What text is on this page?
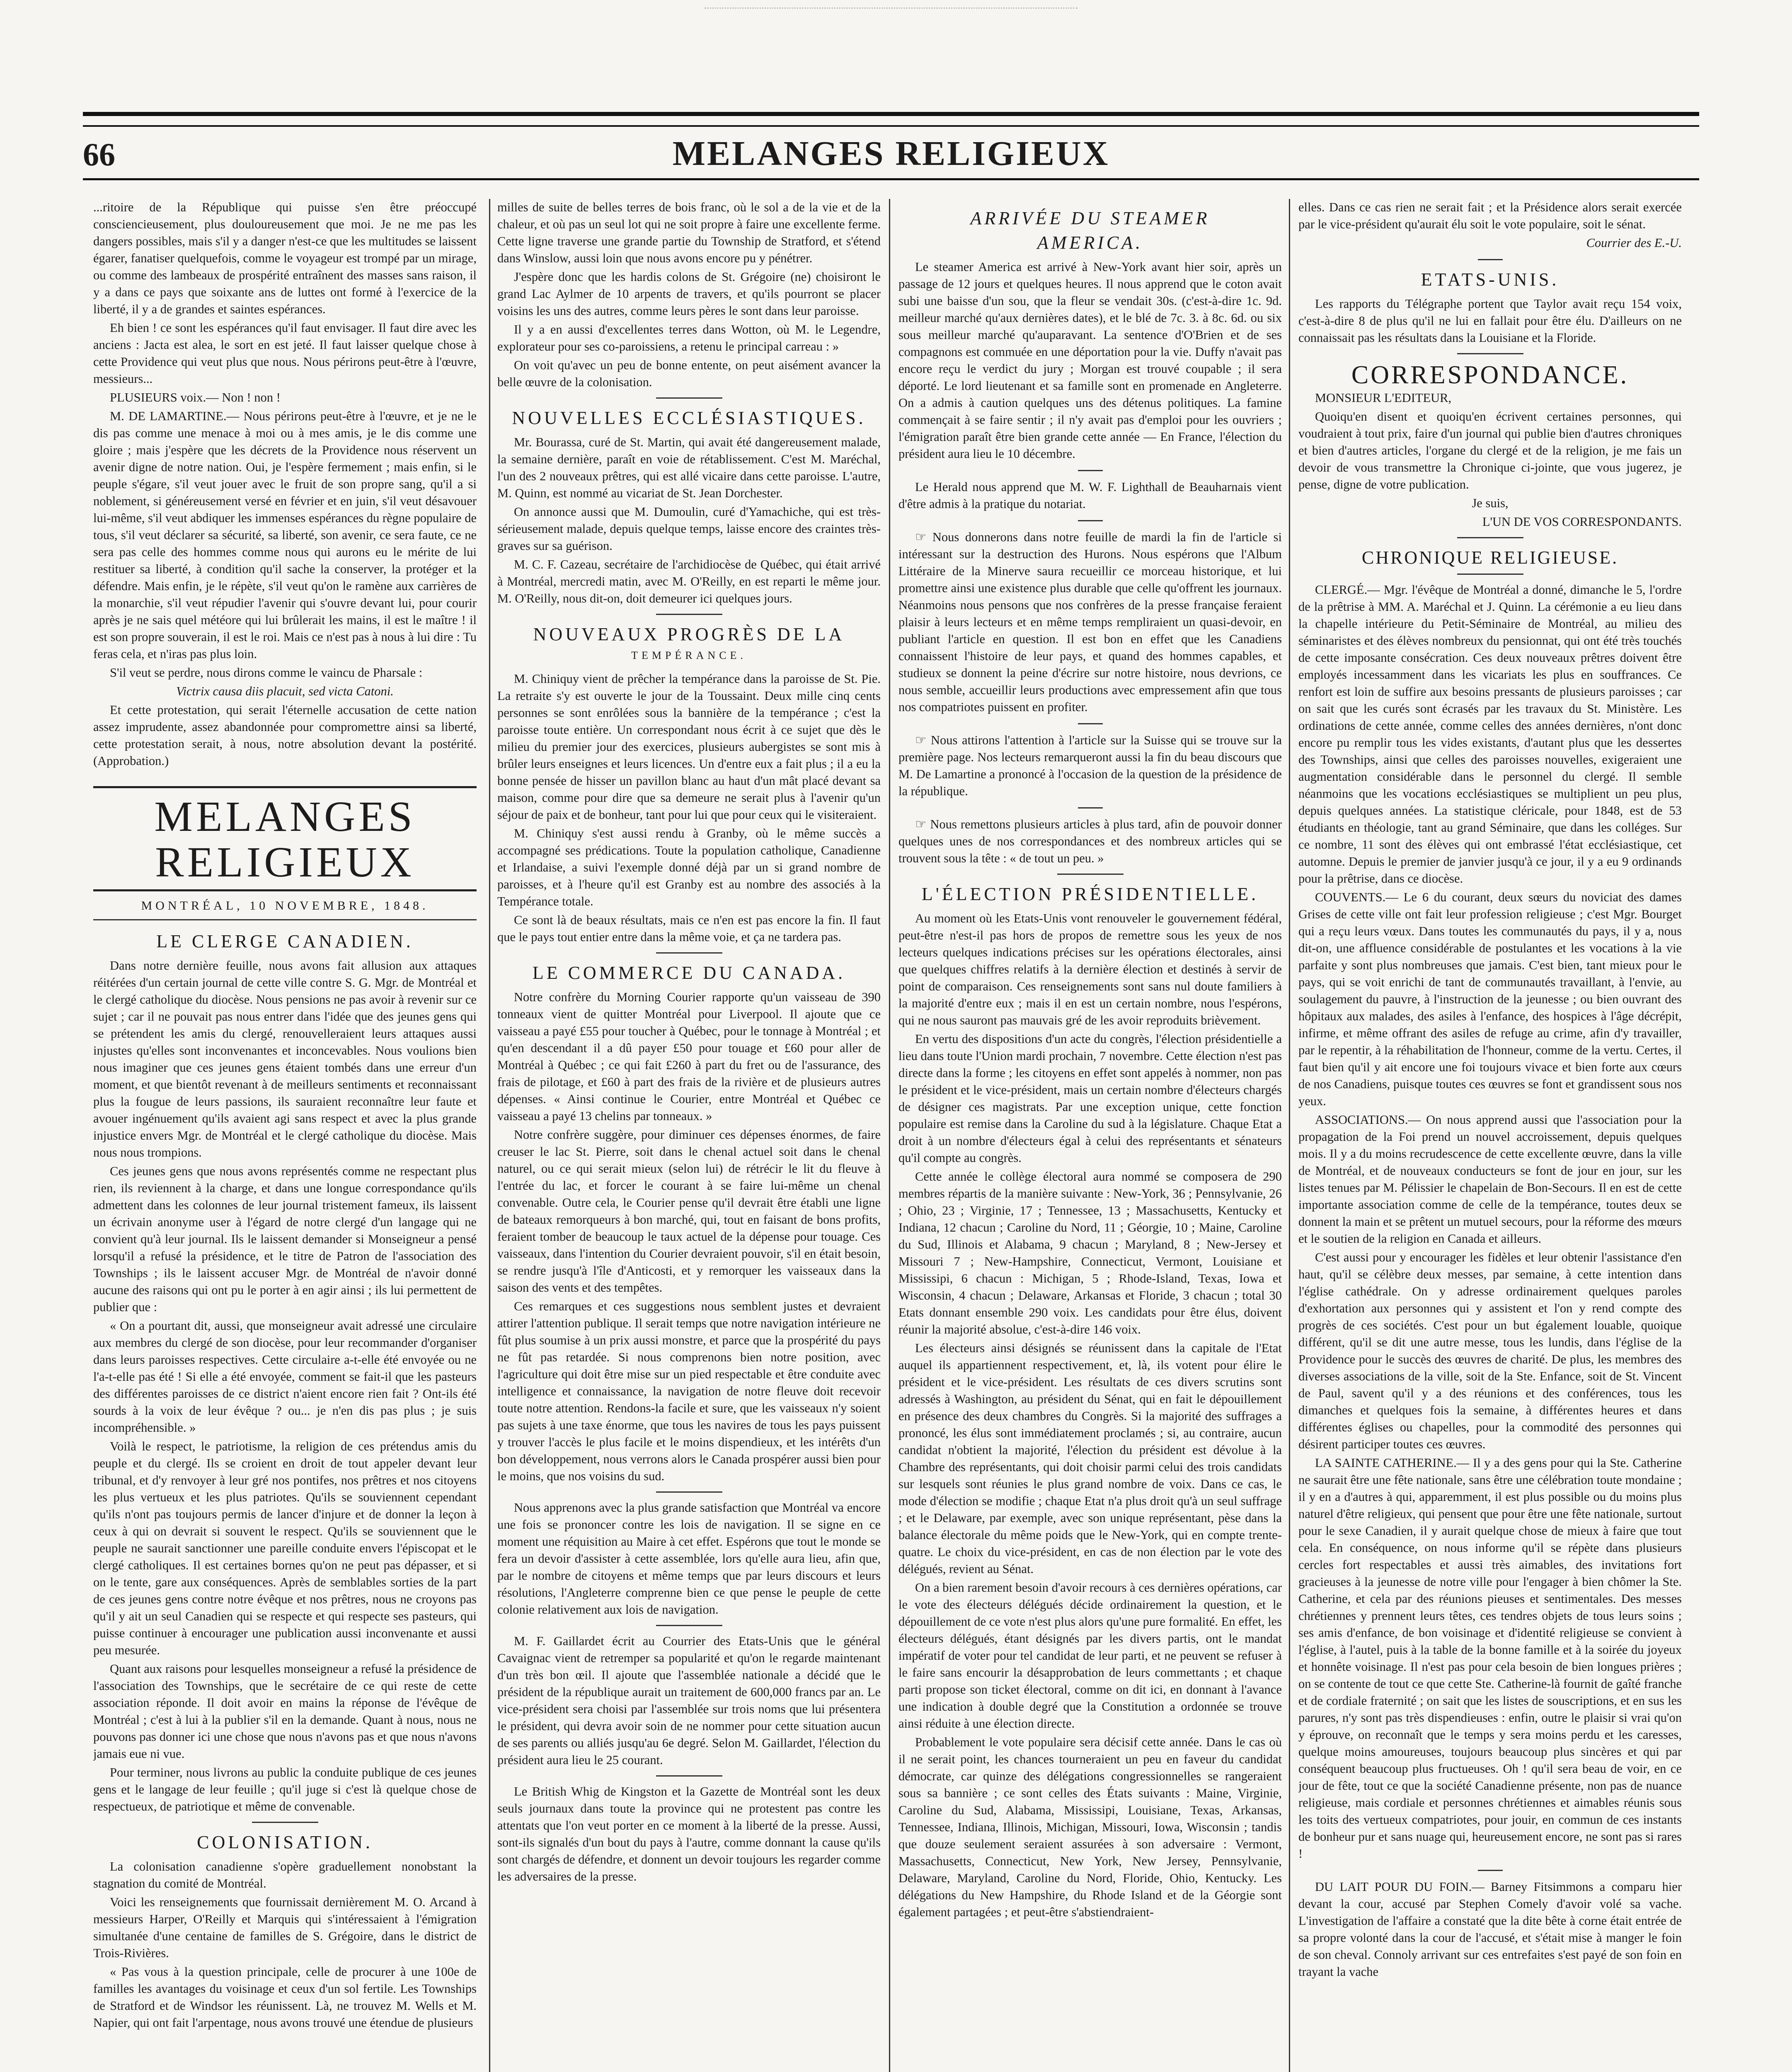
66	MELANGES RELIGIEUX

...ritoire de la République qui puisse s'en être préoccupé consciencieusement, plus douloureusement que moi. Je ne me pas les dangers possibles, mais s'il y a danger n'est-ce que les multitudes se laissent égarer, fanatiser quelquefois, comme le voyageur est trompé par un mirage, ou comme des lambeaux de prospérité entraînent des masses sans raison, il y a dans ce pays que soixante ans de luttes ont formé à l'exercice de la liberté, il y a de grandes et saintes espérances.

Eh bien ! ce sont les espérances qu'il faut envisager. Il faut dire avec les anciens : Jacta est alea, le sort en est jeté. Il faut laisser quelque chose à cette Providence qui veut plus que nous. Nous périrons peut-être à l'œuvre, messieurs...

PLUSIEURS voix.— Non ! non !

M. DE LAMARTINE.— Nous périrons peut-être à l'œuvre, et je ne le dis pas comme une menace à moi ou à mes amis, je le dis comme une gloire ; mais j'espère que les décrets de la Providence nous réservent un avenir digne de notre nation. Oui, je l'espère fermement ; mais enfin, si le peuple s'égare, s'il veut jouer avec le fruit de son propre sang, qu'il a si noblement, si généreusement versé en février et en juin, s'il veut désavouer lui-même, s'il veut abdiquer les immenses espérances du règne populaire de tous, s'il veut déclarer sa sécurité, sa liberté, son avenir, ce sera faute, ce ne sera pas celle des hommes comme nous qui aurons eu le mérite de lui restituer sa liberté, à condition qu'il sache la conserver, la protéger et la défendre. Mais enfin, je le répète, s'il veut qu'on le ramène aux carrières de la monarchie, s'il veut répudier l'avenir qui s'ouvre devant lui, pour courir après je ne sais quel météore qui lui brûlerait les mains, il est le maître ! il est son propre souverain, il est le roi. Mais ce n'est pas à nous à lui dire : Tu feras cela, et n'iras pas plus loin.

S'il veut se perdre, nous dirons comme le vaincu de Pharsale :

Victrix causa diis placuit, sed victa Catoni.

Et cette protestation, qui serait l'éternelle accusation de cette nation assez imprudente, assez abandonnée pour compromettre ainsi sa liberté, cette protestation serait, à nous, notre absolution devant la postérité. (Approbation.)

MELANGES RELIGIEUX
MONTRÉAL, 10 NOVEMBRE, 1848.
LE CLERGE CANADIEN.

Dans notre dernière feuille, nous avons fait allusion aux attaques réitérées d'un certain journal de cette ville contre S. G. Mgr. de Montréal et le clergé catholique du diocèse. Nous pensions ne pas avoir à revenir sur ce sujet ; car il ne pouvait pas nous entrer dans l'idée que des jeunes gens qui se prétendent les amis du clergé, renouvelleraient leurs attaques aussi injustes qu'elles sont inconvenantes et inconcevables. Nous voulions bien nous imaginer que ces jeunes gens étaient tombés dans une erreur d'un moment, et que bientôt revenant à de meilleurs sentiments et reconnaissant plus la fougue de leurs passions, ils sauraient reconnaître leur faute et avouer ingénuement qu'ils avaient agi sans respect et avec la plus grande injustice envers Mgr. de Montréal et le clergé catholique du diocèse. Mais nous nous trompions.

Ces jeunes gens que nous avons représentés comme ne respectant plus rien, ils reviennent à la charge, et dans une longue correspondance qu'ils admettent dans les colonnes de leur journal tristement fameux, ils laissent un écrivain anonyme user à l'égard de notre clergé d'un langage qui ne convient qu'à leur journal. Ils le laissent demander si Monseigneur a pensé lorsqu'il a refusé la présidence, et le titre de Patron de l'association des Townships ; ils le laissent accuser Mgr. de Montréal de n'avoir donné aucune des raisons qui ont pu le porter à en agir ainsi ; ils lui permettent de publier que :

« On a pourtant dit, aussi, que monseigneur avait adressé une circulaire aux membres du clergé de son diocèse, pour leur recommander d'organiser dans leurs paroisses respectives. Cette circulaire a-t-elle été envoyée ou ne l'a-t-elle pas été ! Si elle a été envoyée, comment se fait-il que les pasteurs des différentes paroisses de ce district n'aient encore rien fait ? Ont-ils été sourds à la voix de leur évêque ? ou... je n'en dis pas plus ; je suis incompréhensible. »

Voilà le respect, le patriotisme, la religion de ces prétendus amis du peuple et du clergé. Ils se croient en droit de tout appeler devant leur tribunal, et d'y renvoyer à leur gré nos pontifes, nos prêtres et nos citoyens les plus vertueux et les plus patriotes. Qu'ils se souviennent cependant qu'ils n'ont pas toujours permis de lancer d'injure et de donner la leçon à ceux à qui on devrait si souvent le respect. Qu'ils se souviennent que le peuple ne saurait sanctionner une pareille conduite envers l'épiscopat et le clergé catholiques. Il est certaines bornes qu'on ne peut pas dépasser, et si on le tente, gare aux conséquences. Après de semblables sorties de la part de ces jeunes gens contre notre évêque et nos prêtres, nous ne croyons pas qu'il y ait un seul Canadien qui se respecte et qui respecte ses pasteurs, qui puisse continuer à encourager une publication aussi inconvenante et aussi peu mesurée.

Quant aux raisons pour lesquelles monseigneur a refusé la présidence de l'association des Townships, que le secrétaire de ce qui reste de cette association réponde. Il doit avoir en mains la réponse de l'évêque de Montréal ; c'est à lui à la publier s'il en la demande. Quant à nous, nous ne pouvons pas donner ici une chose que nous n'avons pas et que nous n'avons jamais eue ni vue.

Pour terminer, nous livrons au public la conduite publique de ces jeunes gens et le langage de leur feuille ; qu'il juge si c'est là quelque chose de respectueux, de patriotique et même de convenable.

COLONISATION.

La colonisation canadienne s'opère graduellement nonobstant la stagnation du comité de Montréal.

Voici les renseignements que fournissait dernièrement M. O. Arcand à messieurs Harper, O'Reilly et Marquis qui s'intéressaient à l'émigration simultanée d'une centaine de familles de S. Grégoire, dans le district de Trois-Rivières.

« Pas vous à la question principale, celle de procurer à une 100e de familles les avantages du voisinage et ceux d'un sol fertile. Les Townships de Stratford et de Windsor les réunissent. Là, ne trouvez M. Wells et M. Napier, qui ont fait l'arpentage, nous avons trouvé une étendue de plusieurs

milles de suite de belles terres de bois franc, où le sol a de la vie et de la chaleur, et où pas un seul lot qui ne soit propre à faire une excellente ferme. Cette ligne traverse une grande partie du Township de Stratford, et s'étend dans Winslow, aussi loin que nous avons encore pu y pénétrer.

J'espère donc que les hardis colons de St. Grégoire (ne) choisiront le grand Lac Aylmer de 10 arpents de travers, et qu'ils pourront se placer voisins les uns des autres, comme leurs pères le sont dans leur paroisse.

Il y a en aussi d'excellentes terres dans Wotton, où M. le Legendre, explorateur pour ses co-paroissiens, a retenu le principal carreau : »

On voit qu'avec un peu de bonne entente, on peut aisément avancer la belle œuvre de la colonisation.

NOUVELLES ECCLÉSIASTIQUES.

Mr. Bourassa, curé de St. Martin, qui avait été dangereusement malade, la semaine dernière, paraît en voie de rétablissement. C'est M. Maréchal, l'un des 2 nouveaux prêtres, qui est allé vicaire dans cette paroisse. L'autre, M. Quinn, est nommé au vicariat de St. Jean Dorchester.

On annonce aussi que M. Dumoulin, curé d'Yamachiche, qui est très-sérieusement malade, depuis quelque temps, laisse encore des craintes très-graves sur sa guérison.

M. C. F. Cazeau, secrétaire de l'archidiocèse de Québec, qui était arrivé à Montréal, mercredi matin, avec M. O'Reilly, en est reparti le même jour. M. O'Reilly, nous dit-on, doit demeurer ici quelques jours.

NOUVEAUX PROGRÈS DE LA
TEMPÉRANCE.

M. Chiniquy vient de prêcher la tempérance dans la paroisse de St. Pie. La retraite s'y est ouverte le jour de la Toussaint. Deux mille cinq cents personnes se sont enrôlées sous la bannière de la tempérance ; c'est la paroisse toute entière. Un correspondant nous écrit à ce sujet que dès le milieu du premier jour des exercices, plusieurs aubergistes se sont mis à brûler leurs enseignes et leurs licences. Un d'entre eux a fait plus ; il a eu la bonne pensée de hisser un pavillon blanc au haut d'un mât placé devant sa maison, comme pour dire que sa demeure ne serait plus à l'avenir qu'un séjour de paix et de bonheur, tant pour lui que pour ceux qui le visiteraient.

M. Chiniquy s'est aussi rendu à Granby, où le même succès a accompagné ses prédications. Toute la population catholique, Canadienne et Irlandaise, a suivi l'exemple donné déjà par un si grand nombre de paroisses, et à l'heure qu'il est Granby est au nombre des associés à la Tempérance totale.

Ce sont là de beaux résultats, mais ce n'en est pas encore la fin. Il faut que le pays tout entier entre dans la même voie, et ça ne tardera pas.

LE COMMERCE DU CANADA.

Notre confrère du Morning Courier rapporte qu'un vaisseau de 390 tonneaux vient de quitter Montréal pour Liverpool. Il ajoute que ce vaisseau a payé £55 pour toucher à Québec, pour le tonnage à Montréal ; et qu'en descendant il a dû payer £50 pour touage et £60 pour aller de Montréal à Québec ; ce qui fait £260 à part du fret ou de l'assurance, des frais de pilotage, et £60 à part des frais de la rivière et de plusieurs autres dépenses. « Ainsi continue le Courier, entre Montréal et Québec ce vaisseau a payé 13 chelins par tonneaux. »

Notre confrère suggère, pour diminuer ces dépenses énormes, de faire creuser le lac St. Pierre, soit dans le chenal actuel soit dans le chenal naturel, ou ce qui serait mieux (selon lui) de rétrécir le lit du fleuve à l'entrée du lac, et forcer le courant à se faire lui-même un chenal convenable. Outre cela, le Courier pense qu'il devrait être établi une ligne de bateaux remorqueurs à bon marché, qui, tout en faisant de bons profits, feraient tomber de beaucoup le taux actuel de la dépense pour touage. Ces vaisseaux, dans l'intention du Courier devraient pouvoir, s'il en était besoin, se rendre jusqu'à l'île d'Anticosti, et y remorquer les vaisseaux dans la saison des vents et des tempêtes.

Ces remarques et ces suggestions nous semblent justes et devraient attirer l'attention publique. Il serait temps que notre navigation intérieure ne fût plus soumise à un prix aussi monstre, et parce que la prospérité du pays ne fût pas retardée. Si nous comprenons bien notre position, avec l'agriculture qui doit être mise sur un pied respectable et être conduite avec intelligence et connaissance, la navigation de notre fleuve doit recevoir toute notre attention. Rendons-la facile et sure, que les vaisseaux n'y soient pas sujets à une taxe énorme, que tous les navires de tous les pays puissent y trouver l'accès le plus facile et le moins dispendieux, et les intérêts d'un bon développement, nous verrons alors le Canada prospérer aussi bien pour le moins, que nos voisins du sud.

Nous apprenons avec la plus grande satisfaction que Montréal va encore une fois se prononcer contre les lois de navigation. Il se signe en ce moment une réquisition au Maire à cet effet. Espérons que tout le monde se fera un devoir d'assister à cette assemblée, lors qu'elle aura lieu, afin que, par le nombre de citoyens et même temps que par leurs discours et leurs résolutions, l'Angleterre comprenne bien ce que pense le peuple de cette colonie relativement aux lois de navigation.

M. F. Gaillardet écrit au Courrier des Etats-Unis que le général Cavaignac vient de retremper sa popularité et qu'on le regarde maintenant d'un très bon œil. Il ajoute que l'assemblée nationale a décidé que le président de la république aurait un traitement de 600,000 francs par an. Le vice-président sera choisi par l'assemblée sur trois noms que lui présentera le président, qui devra avoir soin de ne nommer pour cette situation aucun de ses parents ou alliés jusqu'au 6e degré. Selon M. Gaillardet, l'élection du président aura lieu le 25 courant.

Le British Whig de Kingston et la Gazette de Montréal sont les deux seuls journaux dans toute la province qui ne protestent pas contre les attentats que l'on veut porter en ce moment à la liberté de la presse. Aussi, sont-ils signalés d'un bout du pays à l'autre, comme donnant la cause qu'ils sont chargés de défendre, et donnent un devoir toujours les regarder comme les adversaires de la presse.

ARRIVÉE DU STEAMER
AMERICA.

Le steamer America est arrivé à New-York avant hier soir, après un passage de 12 jours et quelques heures. Il nous apprend que le coton avait subi une baisse d'un sou, que la fleur se vendait 30s. (c'est-à-dire 1c. 9d. meilleur marché qu'aux dernières dates), et le blé de 7c. 3. à 8c. 6d. ou six sous meilleur marché qu'auparavant. La sentence d'O'Brien et de ses compagnons est commuée en une déportation pour la vie. Duffy n'avait pas encore reçu le verdict du jury ; Morgan est trouvé coupable ; il sera déporté. Le lord lieutenant et sa famille sont en promenade en Angleterre. On a admis à caution quelques uns des détenus politiques. La famine commençait à se faire sentir ; il n'y avait pas d'emploi pour les ouvriers ; l'émigration paraît être bien grande cette année — En France, l'élection du président aura lieu le 10 décembre.

Le Herald nous apprend que M. W. F. Lighthall de Beauharnais vient d'être admis à la pratique du notariat.

☞ Nous donnerons dans notre feuille de mardi la fin de l'article si intéressant sur la destruction des Hurons. Nous espérons que l'Album Littéraire de la Minerve saura recueillir ce morceau historique, et lui promettre ainsi une existence plus durable que celle qu'offrent les journaux. Néanmoins nous pensons que nos confrères de la presse française feraient plaisir à leurs lecteurs et en même temps rempliraient un quasi-devoir, en publiant l'article en question. Il est bon en effet que les Canadiens connaissent l'histoire de leur pays, et quand des hommes capables, et studieux se donnent la peine d'écrire sur notre histoire, nous devrions, ce nous semble, accueillir leurs productions avec empressement afin que tous nos compatriotes puissent en profiter.

☞ Nous attirons l'attention à l'article sur la Suisse qui se trouve sur la première page. Nos lecteurs remarqueront aussi la fin du beau discours que M. De Lamartine a prononcé à l'occasion de la question de la présidence de la république.

☞ Nous remettons plusieurs articles à plus tard, afin de pouvoir donner quelques unes de nos correspondances et des nombreux articles qui se trouvent sous la tête : « de tout un peu. »

L'ÉLECTION PRÉSIDENTIELLE.

Au moment où les Etats-Unis vont renouveler le gouvernement fédéral, peut-être n'est-il pas hors de propos de remettre sous les yeux de nos lecteurs quelques indications précises sur les opérations électorales, ainsi que quelques chiffres relatifs à la dernière élection et destinés à servir de point de comparaison. Ces renseignements sont sans nul doute familiers à la majorité d'entre eux ; mais il en est un certain nombre, nous l'espérons, qui ne nous sauront pas mauvais gré de les avoir reproduits brièvement.

En vertu des dispositions d'un acte du congrès, l'élection présidentielle a lieu dans toute l'Union mardi prochain, 7 novembre. Cette élection n'est pas directe dans la forme ; les citoyens en effet sont appelés à nommer, non pas le président et le vice-président, mais un certain nombre d'électeurs chargés de désigner ces magistrats. Par une exception unique, cette fonction populaire est remise dans la Caroline du sud à la législature. Chaque Etat a droit à un nombre d'électeurs égal à celui des représentants et sénateurs qu'il compte au congrès.

Cette année le collège électoral aura nommé se composera de 290 membres répartis de la manière suivante : New-York, 36 ; Pennsylvanie, 26 ; Ohio, 23 ; Virginie, 17 ; Tennessee, 13 ; Massachusetts, Kentucky et Indiana, 12 chacun ; Caroline du Nord, 11 ; Géorgie, 10 ; Maine, Caroline du Sud, Illinois et Alabama, 9 chacun ; Maryland, 8 ; New-Jersey et Missouri 7 ; New-Hampshire, Connecticut, Vermont, Louisiane et Mississipi, 6 chacun : Michigan, 5 ; Rhode-Island, Texas, Iowa et Wisconsin, 4 chacun ; Delaware, Arkansas et Floride, 3 chacun ; total 30 Etats donnant ensemble 290 voix. Les candidats pour être élus, doivent réunir la majorité absolue, c'est-à-dire 146 voix.

Les électeurs ainsi désignés se réunissent dans la capitale de l'Etat auquel ils appartiennent respectivement, et, là, ils votent pour élire le président et le vice-président. Les résultats de ces divers scrutins sont adressés à Washington, au président du Sénat, qui en fait le dépouillement en présence des deux chambres du Congrès. Si la majorité des suffrages a prononcé, les élus sont immédiatement proclamés ; si, au contraire, aucun candidat n'obtient la majorité, l'élection du président est dévolue à la Chambre des représentants, qui doit choisir parmi celui des trois candidats sur lesquels sont réunies le plus grand nombre de voix. Dans ce cas, le mode d'élection se modifie ; chaque Etat n'a plus droit qu'à un seul suffrage ; et le Delaware, par exemple, avec son unique représentant, pèse dans la balance électorale du même poids que le New-York, qui en compte trente-quatre. Le choix du vice-président, en cas de non élection par le vote des délégués, revient au Sénat.

On a bien rarement besoin d'avoir recours à ces dernières opérations, car le vote des électeurs délégués décide ordinairement la question, et le dépouillement de ce vote n'est plus alors qu'une pure formalité. En effet, les électeurs délégués, étant désignés par les divers partis, ont le mandat impératif de voter pour tel candidat de leur parti, et ne peuvent se refuser à le faire sans encourir la désapprobation de leurs commettants ; et chaque parti propose son ticket électoral, comme on dit ici, en donnant à l'avance une indication à double degré que la Constitution a ordonnée se trouve ainsi réduite à une élection directe.

Probablement le vote populaire sera décisif cette année. Dans le cas où il ne serait point, les chances tourneraient un peu en faveur du candidat démocrate, car quinze des délégations congressionnelles se rangeraient sous sa bannière ; ce sont celles des États suivants : Maine, Virginie, Caroline du Sud, Alabama, Mississipi, Louisiane, Texas, Arkansas, Tennessee, Indiana, Illinois, Michigan, Missouri, Iowa, Wisconsin ; tandis que douze seulement seraient assurées à son adversaire : Vermont, Massachusetts, Connecticut, New York, New Jersey, Pennsylvanie, Delaware, Maryland, Caroline du Nord, Floride, Ohio, Kentucky. Les délégations du New Hampshire, du Rhode Island et de la Géorgie sont également partagées ; et peut-être s'abstiendraient-

elles. Dans ce cas rien ne serait fait ; et la Présidence alors serait exercée par le vice-président qu'aurait élu soit le vote populaire, soit le sénat.

Courrier des E.-U.

ETATS-UNIS.

Les rapports du Télégraphe portent que Taylor avait reçu 154 voix, c'est-à-dire 8 de plus qu'il ne lui en fallait pour être élu. D'ailleurs on ne connaissait pas les résultats dans la Louisiane et la Floride.

CORRESPONDANCE.

MONSIEUR L'EDITEUR,

Quoiqu'en disent et quoiqu'en écrivent certaines personnes, qui voudraient à tout prix, faire d'un journal qui publie bien d'autres chroniques et bien d'autres articles, l'organe du clergé et de la religion, je me fais un devoir de vous transmettre la Chronique ci-jointe, que vous jugerez, je pense, digne de votre publication.

Je suis,

L'UN DE VOS CORRESPONDANTS.

CHRONIQUE RELIGIEUSE.

CLERGÉ.— Mgr. l'évêque de Montréal a donné, dimanche le 5, l'ordre de la prêtrise à MM. A. Maréchal et J. Quinn. La cérémonie a eu lieu dans la chapelle intérieure du Petit-Séminaire de Montréal, au milieu des séminaristes et des élèves nombreux du pensionnat, qui ont été très touchés de cette imposante consécration. Ces deux nouveaux prêtres doivent être employés incessamment dans les vicariats les plus en souffrances. Ce renfort est loin de suffire aux besoins pressants de plusieurs paroisses ; car on sait que les curés sont écrasés par les travaux du St. Ministère. Les ordinations de cette année, comme celles des années dernières, n'ont donc encore pu remplir tous les vides existants, d'autant plus que les dessertes des Townships, ainsi que celles des paroisses nouvelles, exigeraient une augmentation considérable dans le personnel du clergé. Il semble néanmoins que les vocations ecclésiastiques se multiplient un peu plus, depuis quelques années. La statistique cléricale, pour 1848, est de 53 étudiants en théologie, tant au grand Séminaire, que dans les colléges. Sur ce nombre, 11 sont des élèves qui ont embrassé l'état ecclésiastique, cet automne. Depuis le premier de janvier jusqu'à ce jour, il y a eu 9 ordinands pour la prêtrise, dans ce diocèse.

COUVENTS.— Le 6 du courant, deux sœurs du noviciat des dames Grises de cette ville ont fait leur profession religieuse ; c'est Mgr. Bourget qui a reçu leurs vœux. Dans toutes les communautés du pays, il y a, nous dit-on, une affluence considérable de postulantes et les vocations à la vie parfaite y sont plus nombreuses que jamais. C'est bien, tant mieux pour le pays, qui se voit enrichi de tant de communautés travaillant, à l'envie, au soulagement du pauvre, à l'instruction de la jeunesse ; ou bien ouvrant des hôpitaux aux malades, des asiles à l'enfance, des hospices à l'âge décrépit, infirme, et même offrant des asiles de refuge au crime, afin d'y travailler, par le repentir, à la réhabilitation de l'honneur, comme de la vertu. Certes, il faut bien qu'il y ait encore une foi toujours vivace et bien forte aux cœurs de nos Canadiens, puisque toutes ces œuvres se font et grandissent sous nos yeux.

ASSOCIATIONS.— On nous apprend aussi que l'association pour la propagation de la Foi prend un nouvel accroissement, depuis quelques mois. Il y a du moins recrudescence de cette excellente œuvre, dans la ville de Montréal, et de nouveaux conducteurs se font de jour en jour, sur les listes tenues par M. Pélissier le chapelain de Bon-Secours. Il en est de cette importante association comme de celle de la tempérance, toutes deux se donnent la main et se prêtent un mutuel secours, pour la réforme des mœurs et le soutien de la religion en Canada et ailleurs.

C'est aussi pour y encourager les fidèles et leur obtenir l'assistance d'en haut, qu'il se célèbre deux messes, par semaine, à cette intention dans l'église cathédrale. On y adresse ordinairement quelques paroles d'exhortation aux personnes qui y assistent et l'on y rend compte des progrès de ces sociétés. C'est pour un but également louable, quoique différent, qu'il se dit une autre messe, tous les lundis, dans l'église de la Providence pour le succès des œuvres de charité. De plus, les membres des diverses associations de la ville, soit de la Ste. Enfance, soit de St. Vincent de Paul, savent qu'il y a des réunions et des conférences, tous les dimanches et quelques fois la semaine, à différentes heures et dans différentes églises ou chapelles, pour la commodité des personnes qui désirent participer toutes ces œuvres.

LA SAINTE CATHERINE.— Il y a des gens pour qui la Ste. Catherine ne saurait être une fête nationale, sans être une célébration toute mondaine ; il y en a d'autres à qui, apparemment, il est plus possible ou du moins plus naturel d'être religieux, qui pensent que pour être une fête nationale, surtout pour le sexe Canadien, il y aurait quelque chose de mieux à faire que tout cela. En conséquence, on nous informe qu'il se répète dans plusieurs cercles fort respectables et aussi très aimables, des invitations fort gracieuses à la jeunesse de notre ville pour l'engager à bien chômer la Ste. Catherine, et cela par des réunions pieuses et sentimentales. Des messes chrétiennes y prennent leurs têtes, ces tendres objets de tous leurs soins ; ses amis d'enfance, de bon voisinage et d'identité religieuse se convient à l'église, à l'autel, puis à la table de la bonne famille et à la soirée du joyeux et honnête voisinage. Il n'est pas pour cela besoin de bien longues prières ; on se contente de tout ce que cette Ste. Catherine-là fournit de gaîté franche et de cordiale fraternité ; on sait que les listes de souscriptions, et en sus les parures, n'y sont pas très dispendieuses : enfin, outre le plaisir si vrai qu'on y éprouve, on reconnaît que le temps y sera moins perdu et les caresses, quelque moins amoureuses, toujours beaucoup plus sincères et qui par conséquent beaucoup plus fructueuses. Oh ! qu'il sera beau de voir, en ce jour de fête, tout ce que la société Canadienne présente, non pas de nuance religieuse, mais cordiale et personnes chrétiennes et aimables réunis sous les toits des vertueux compatriotes, pour jouir, en commun de ces instants de bonheur pur et sans nuage qui, heureusement encore, ne sont pas si rares !

DU LAIT POUR DU FOIN.— Barney Fitsimmons a comparu hier devant la cour, accusé par Stephen Comely d'avoir volé sa vache. L'investigation de l'affaire a constaté que la dite bête à corne était entrée de sa propre volonté dans la cour de l'accusé, et s'était mise à manger le foin de son cheval. Connoly arrivant sur ces entrefaites s'est payé de son foin en trayant la vache
